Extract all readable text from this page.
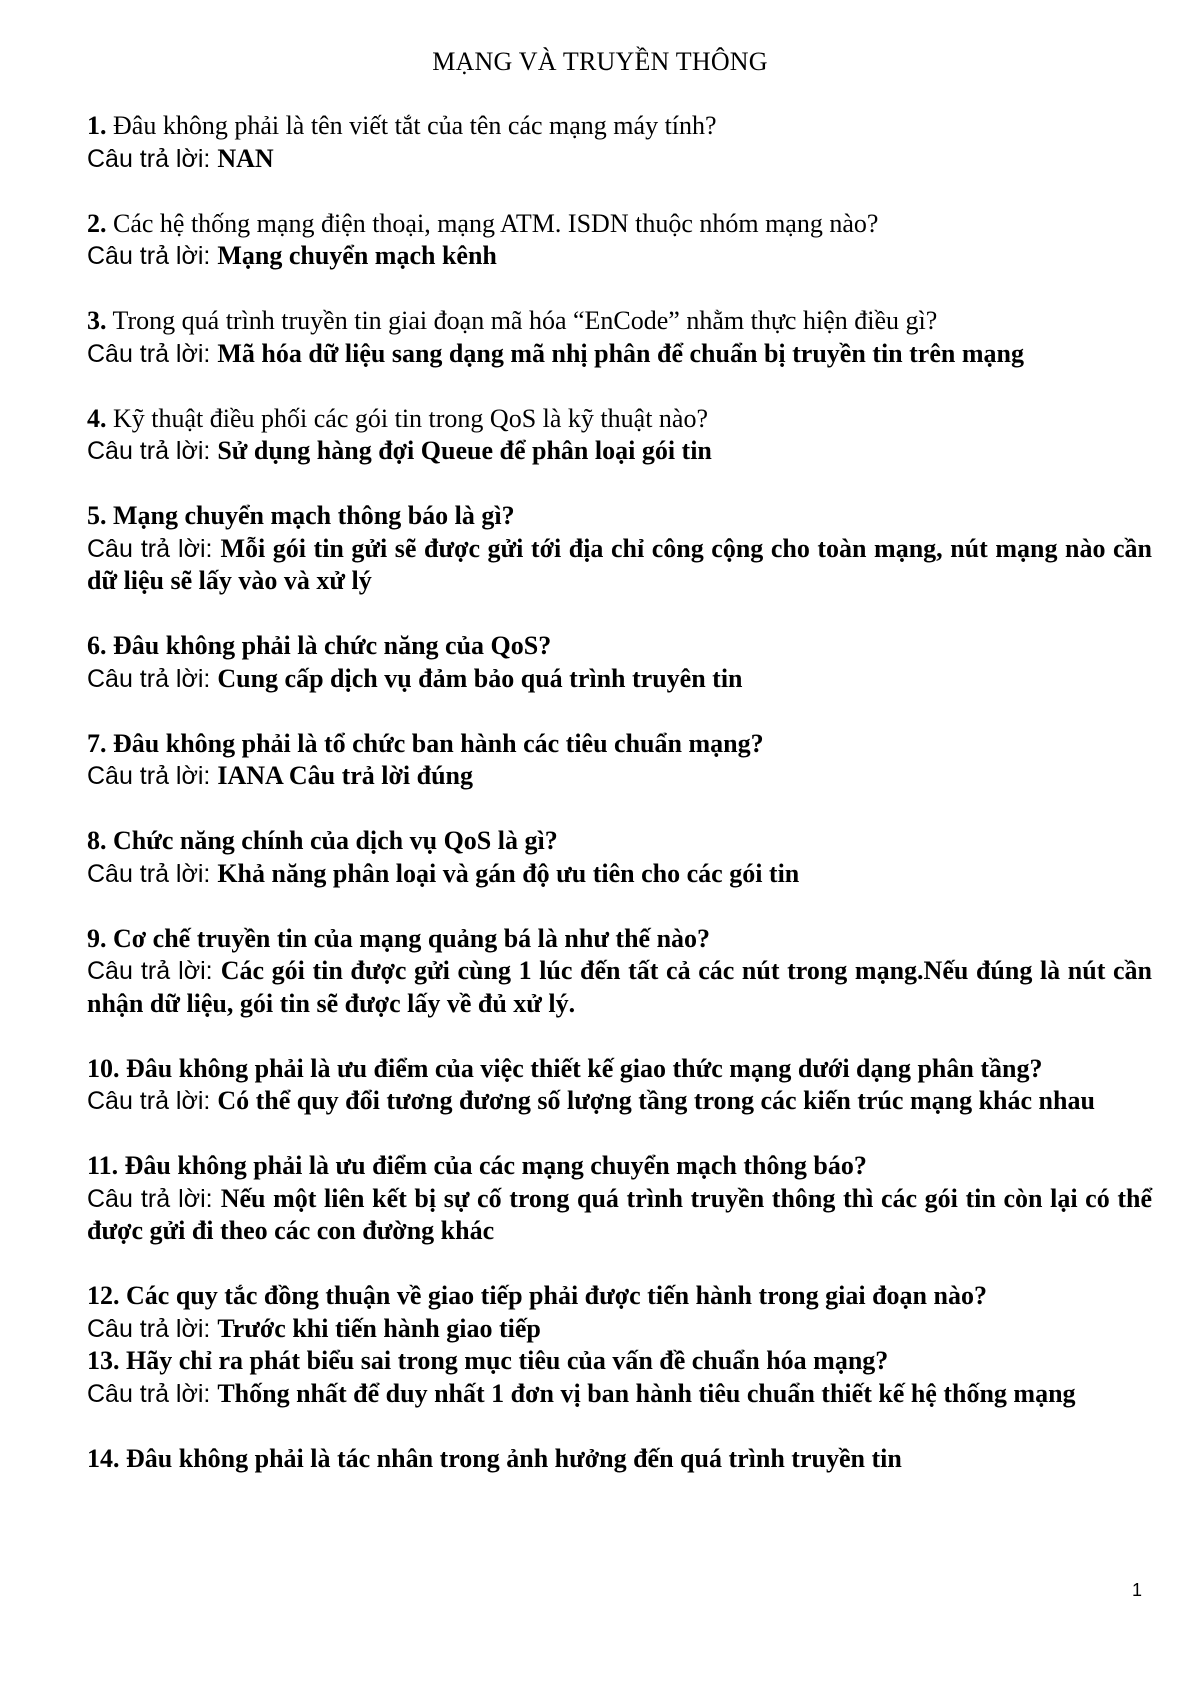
MẠNG VÀ TRUYỀN THÔNG
1. Đâu không phải là tên viết tắt của tên các mạng máy tính?
Câu trả lời: NAN
2. Các hệ thống mạng điện thoại, mạng ATM. ISDN thuộc nhóm mạng nào?
Câu trả lời: Mạng chuyển mạch kênh
3. Trong quá trình truyền tin giai đoạn mã hóa “EnCode” nhằm thực hiện điều gì?
Câu trả lời: Mã hóa dữ liệu sang dạng mã nhị phân để chuẩn bị truyền tin trên mạng
4. Kỹ thuật điều phối các gói tin trong QoS là kỹ thuật nào?
Câu trả lời: Sử dụng hàng đợi Queue để phân loại gói tin
5. Mạng chuyển mạch thông báo là gì?
Câu trả lời: Mỗi gói tin gửi sẽ được gửi tới địa chỉ công cộng cho toàn mạng, nút mạng nào cần dữ liệu sẽ lấy vào và xử lý
6. Đâu không phải là chức năng của QoS?
Câu trả lời: Cung cấp dịch vụ đảm bảo quá trình truyên tin
7. Đâu không phải là tổ chức ban hành các tiêu chuẩn mạng?
Câu trả lời: IANA Câu trả lời đúng
8. Chức năng chính của dịch vụ QoS là gì?
Câu trả lời: Khả năng phân loại và gán độ ưu tiên cho các gói tin
9. Cơ chế truyền tin của mạng quảng bá là như thế nào?
Câu trả lời: Các gói tin được gửi cùng 1 lúc đến tất cả các nút trong mạng.Nếu đúng là nút cần nhận dữ liệu, gói tin sẽ được lấy về đủ xử lý.
10. Đâu không phải là ưu điểm của việc thiết kế giao thức mạng dưới dạng phân tầng?
Câu trả lời: Có thể quy đổi tương đương số lượng tầng trong các kiến trúc mạng khác nhau
11. Đâu không phải là ưu điểm của các mạng chuyển mạch thông báo?
Câu trả lời: Nếu một liên kết bị sự cố trong quá trình truyền thông thì các gói tin còn lại có thể được gửi đi theo các con đường khác
12. Các quy tắc đồng thuận về giao tiếp phải được tiến hành trong giai đoạn nào?
Câu trả lời: Trước khi tiến hành giao tiếp
13. Hãy chỉ ra phát biểu sai trong mục tiêu của vấn đề chuẩn hóa mạng?
Câu trả lời: Thống nhất để duy nhất 1 đơn vị ban hành tiêu chuẩn thiết kế hệ thống mạng
14. Đâu không phải là tác nhân trong ảnh hưởng đến quá trình truyền tin
1
